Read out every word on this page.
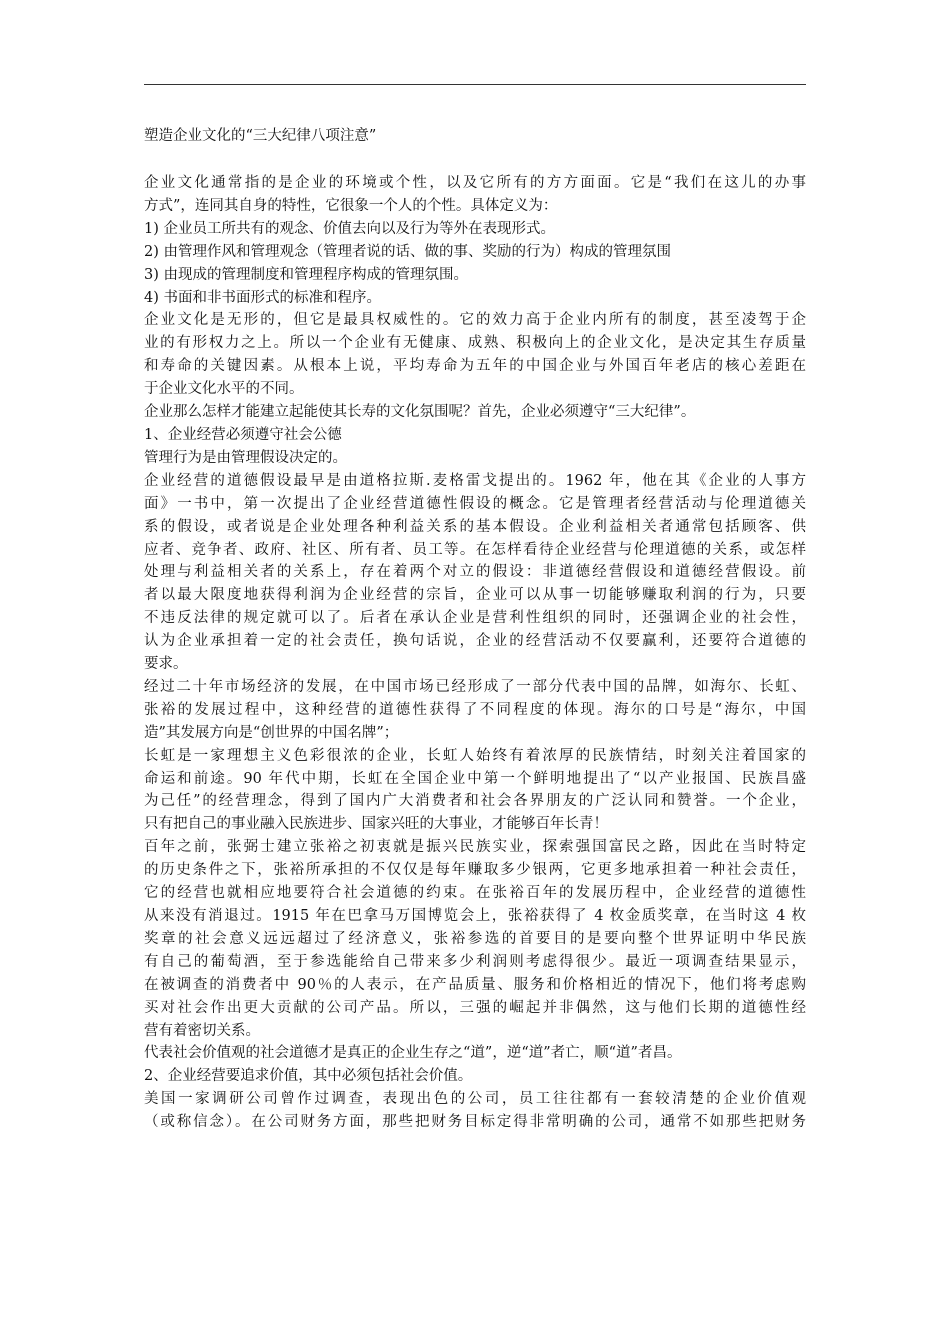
塑造企业文化的“三大纪律八项注意”
企业文化通常指的是企业的环境或个性，以及它所有的方方面面。它是“我们在这儿的办事
方式”，连同其自身的特性，它很象一个人的个性。具体定义为：
1) 企业员工所共有的观念、价值去向以及行为等外在表现形式。
2) 由管理作风和管理观念（管理者说的话、做的事、奖励的行为）构成的管理氛围
3) 由现成的管理制度和管理程序构成的管理氛围。
4) 书面和非书面形式的标准和程序。
企业文化是无形的，但它是最具权威性的。它的效力高于企业内所有的制度，甚至凌驾于企
业的有形权力之上。所以一个企业有无健康、成熟、积极向上的企业文化，是决定其生存质量
和寿命的关键因素。从根本上说，平均寿命为五年的中国企业与外国百年老店的核心差距在
于企业文化水平的不同。
企业那么怎样才能建立起能使其长寿的文化氛围呢？首先，企业必须遵守“三大纪律”。
1、企业经营必须遵守社会公德
管理行为是由管理假设决定的。
企业经营的道德假设最早是由道格拉斯.麦格雷戈提出的。1962 年，他在其《企业的人事方
面》一书中，第一次提出了企业经营道德性假设的概念。它是管理者经营活动与伦理道德关
系的假设，或者说是企业处理各种利益关系的基本假设。企业利益相关者通常包括顾客、供
应者、竞争者、政府、社区、所有者、员工等。在怎样看待企业经营与伦理道德的关系，或怎样
处理与利益相关者的关系上，存在着两个对立的假设：非道德经营假设和道德经营假设。前
者以最大限度地获得利润为企业经营的宗旨，企业可以从事一切能够赚取利润的行为，只要
不违反法律的规定就可以了。后者在承认企业是营利性组织的同时，还强调企业的社会性，
认为企业承担着一定的社会责任，换句话说，企业的经营活动不仅要赢利，还要符合道德的
要求。
经过二十年市场经济的发展，在中国市场已经形成了一部分代表中国的品牌，如海尔、长虹、
张裕的发展过程中，这种经营的道德性获得了不同程度的体现。海尔的口号是“海尔，中国
造”其发展方向是“创世界的中国名牌”；
长虹是一家理想主义色彩很浓的企业，长虹人始终有着浓厚的民族情结，时刻关注着国家的
命运和前途。90 年代中期，长虹在全国企业中第一个鲜明地提出了“以产业报国、民族昌盛
为己任”的经营理念，得到了国内广大消费者和社会各界朋友的广泛认同和赞誉。一个企业，
只有把自己的事业融入民族进步、国家兴旺的大事业，才能够百年长青！
百年之前，张弼士建立张裕之初衷就是振兴民族实业，探索强国富民之路，因此在当时特定
的历史条件之下，张裕所承担的不仅仅是每年赚取多少银两，它更多地承担着一种社会责任，
它的经营也就相应地要符合社会道德的约束。在张裕百年的发展历程中，企业经营的道德性
从来没有消退过。1915 年在巴拿马万国博览会上，张裕获得了 4 枚金质奖章，在当时这 4 枚
奖章的社会意义远远超过了经济意义，张裕参选的首要目的是要向整个世界证明中华民族
有自己的葡萄酒，至于参选能给自己带来多少利润则考虑得很少。最近一项调查结果显示，
在被调查的消费者中 90％的人表示，在产品质量、服务和价格相近的情况下，他们将考虑购
买对社会作出更大贡献的公司产品。所以，三强的崛起并非偶然，这与他们长期的道德性经
营有着密切关系。
代表社会价值观的社会道德才是真正的企业生存之“道”，逆“道”者亡，顺“道”者昌。
2、企业经营要追求价值，其中必须包括社会价值。
美国一家调研公司曾作过调查，表现出色的公司，员工往往都有一套较清楚的企业价值观
（或称信念）。在公司财务方面，那些把财务目标定得非常明确的公司，通常不如那些把财务
